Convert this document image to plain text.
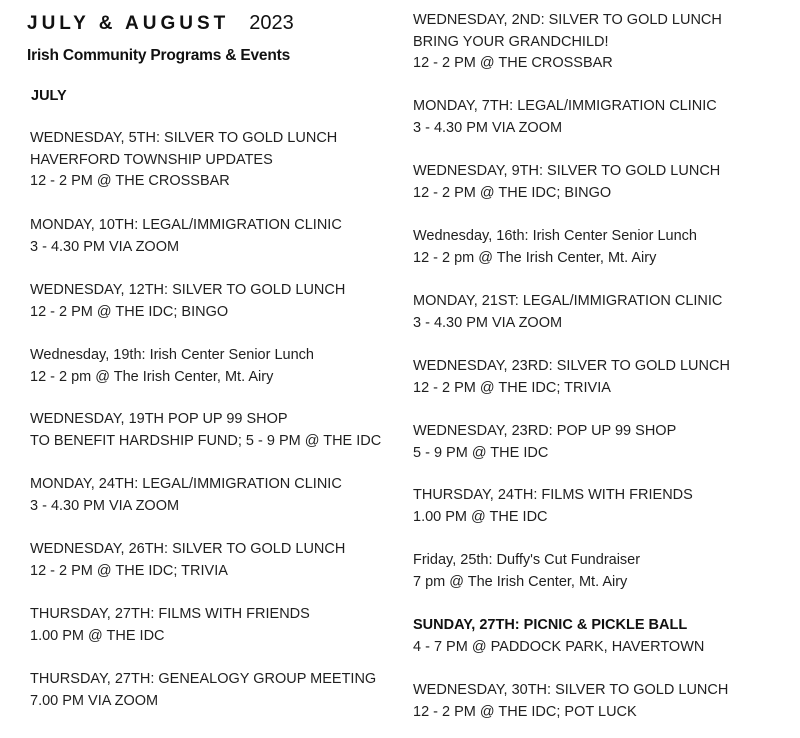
JULY & AUGUST 2023
Irish Community Programs & Events
JULY
WEDNESDAY, 5TH: SILVER TO GOLD LUNCH
HAVERFORD TOWNSHIP UPDATES
12 - 2 PM @ THE CROSSBAR
MONDAY, 10TH: LEGAL/IMMIGRATION CLINIC
3 - 4.30 PM VIA ZOOM
WEDNESDAY, 12TH: SILVER TO GOLD LUNCH
12 - 2 PM @ THE IDC; BINGO
Wednesday, 19th: Irish Center Senior Lunch
12 - 2 pm @ The Irish Center, Mt. Airy
WEDNESDAY, 19TH POP UP 99 SHOP
TO BENEFIT HARDSHIP FUND; 5 - 9 PM @ THE IDC
MONDAY, 24TH: LEGAL/IMMIGRATION CLINIC
3 - 4.30 PM VIA ZOOM
WEDNESDAY, 26TH: SILVER TO GOLD LUNCH
12 - 2 PM @ THE IDC; TRIVIA
THURSDAY, 27TH: FILMS WITH FRIENDS
1.00 PM @ THE IDC
THURSDAY, 27TH: GENEALOGY GROUP MEETING
7.00 PM VIA ZOOM
WEDNESDAY, 2ND: SILVER TO GOLD LUNCH
BRING YOUR GRANDCHILD!
12 - 2 PM @ THE CROSSBAR
MONDAY, 7TH: LEGAL/IMMIGRATION CLINIC
3 - 4.30 PM VIA ZOOM
WEDNESDAY, 9TH: SILVER TO GOLD LUNCH
12 - 2 PM @ THE IDC; BINGO
Wednesday, 16th: Irish Center Senior Lunch
12 - 2 pm @ The Irish Center, Mt. Airy
MONDAY, 21ST: LEGAL/IMMIGRATION CLINIC
3 - 4.30 PM VIA ZOOM
WEDNESDAY, 23RD: SILVER TO GOLD LUNCH
12 - 2 PM @ THE IDC; TRIVIA
WEDNESDAY, 23RD: POP UP 99 SHOP
5 - 9 PM @ THE IDC
THURSDAY, 24TH: FILMS WITH FRIENDS
1.00 PM @ THE IDC
Friday, 25th: Duffy's Cut Fundraiser
7 pm @ The Irish Center, Mt. Airy
SUNDAY, 27TH: PICNIC & PICKLE BALL
4 - 7 PM @ PADDOCK PARK, HAVERTOWN
WEDNESDAY, 30TH: SILVER TO GOLD LUNCH
12 - 2 PM @ THE IDC; POT LUCK
